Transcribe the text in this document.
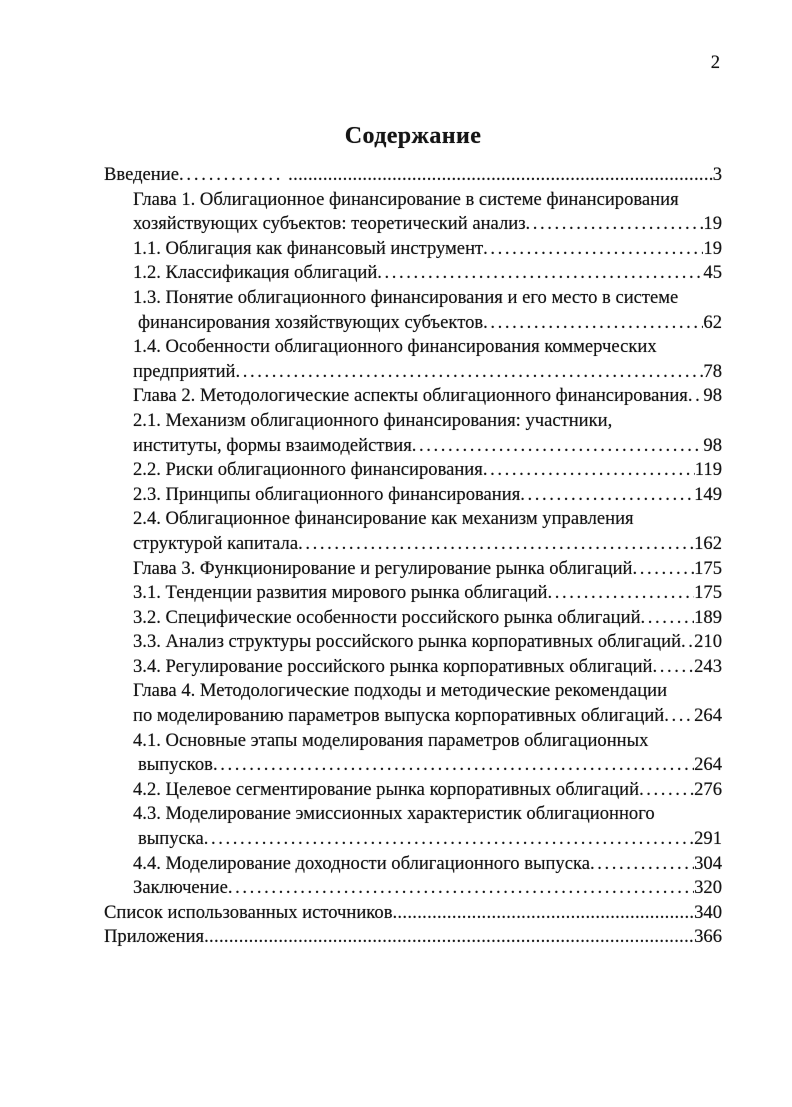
2
Содержание
Введение ..... .....	3
Глава 1. Облигационное финансирование в системе финансирования
хозяйствующих субъектов: теоретический анализ .....	19
1.1. Облигация как финансовый инструмент .....	19
1.2. Классификация облигаций .....	45
1.3. Понятие облигационного финансирования и его место в системе
финансирования хозяйствующих субъектов .....	62
1.4. Особенности облигационного финансирования коммерческих
предприятий .....	78
Глава 2. Методологические аспекты облигационного финансирования ..... 98
2.1. Механизм облигационного финансирования: участники,
институты, формы взаимодействия .....	98
2.2. Риски облигационного финансирования .....	119
2.3. Принципы облигационного финансирования .....	149
2.4. Облигационное финансирование как механизм управления
структурой капитала .....	162
Глава 3. Функционирование и регулирование рынка облигаций .....	175
3.1. Тенденции развития мирового рынка облигаций .....	175
3.2. Специфические особенности российского рынка облигаций .....	189
3.3. Анализ структуры российского рынка корпоративных облигаций ..... 210
3.4. Регулирование российского рынка корпоративных облигаций ..... 243
Глава 4. Методологические подходы и методические рекомендации
по моделированию параметров выпуска корпоративных облигаций ..... 264
4.1. Основные этапы моделирования параметров облигационных
выпусков .....	264
4.2. Целевое сегментирование рынка корпоративных облигаций .....	276
4.3. Моделирование эмиссионных характеристик облигационного
выпуска .....	291
4.4. Моделирование доходности облигационного выпуска .....	304
Заключение .....	320
Список использованных источников .....	340
Приложения .....	366
